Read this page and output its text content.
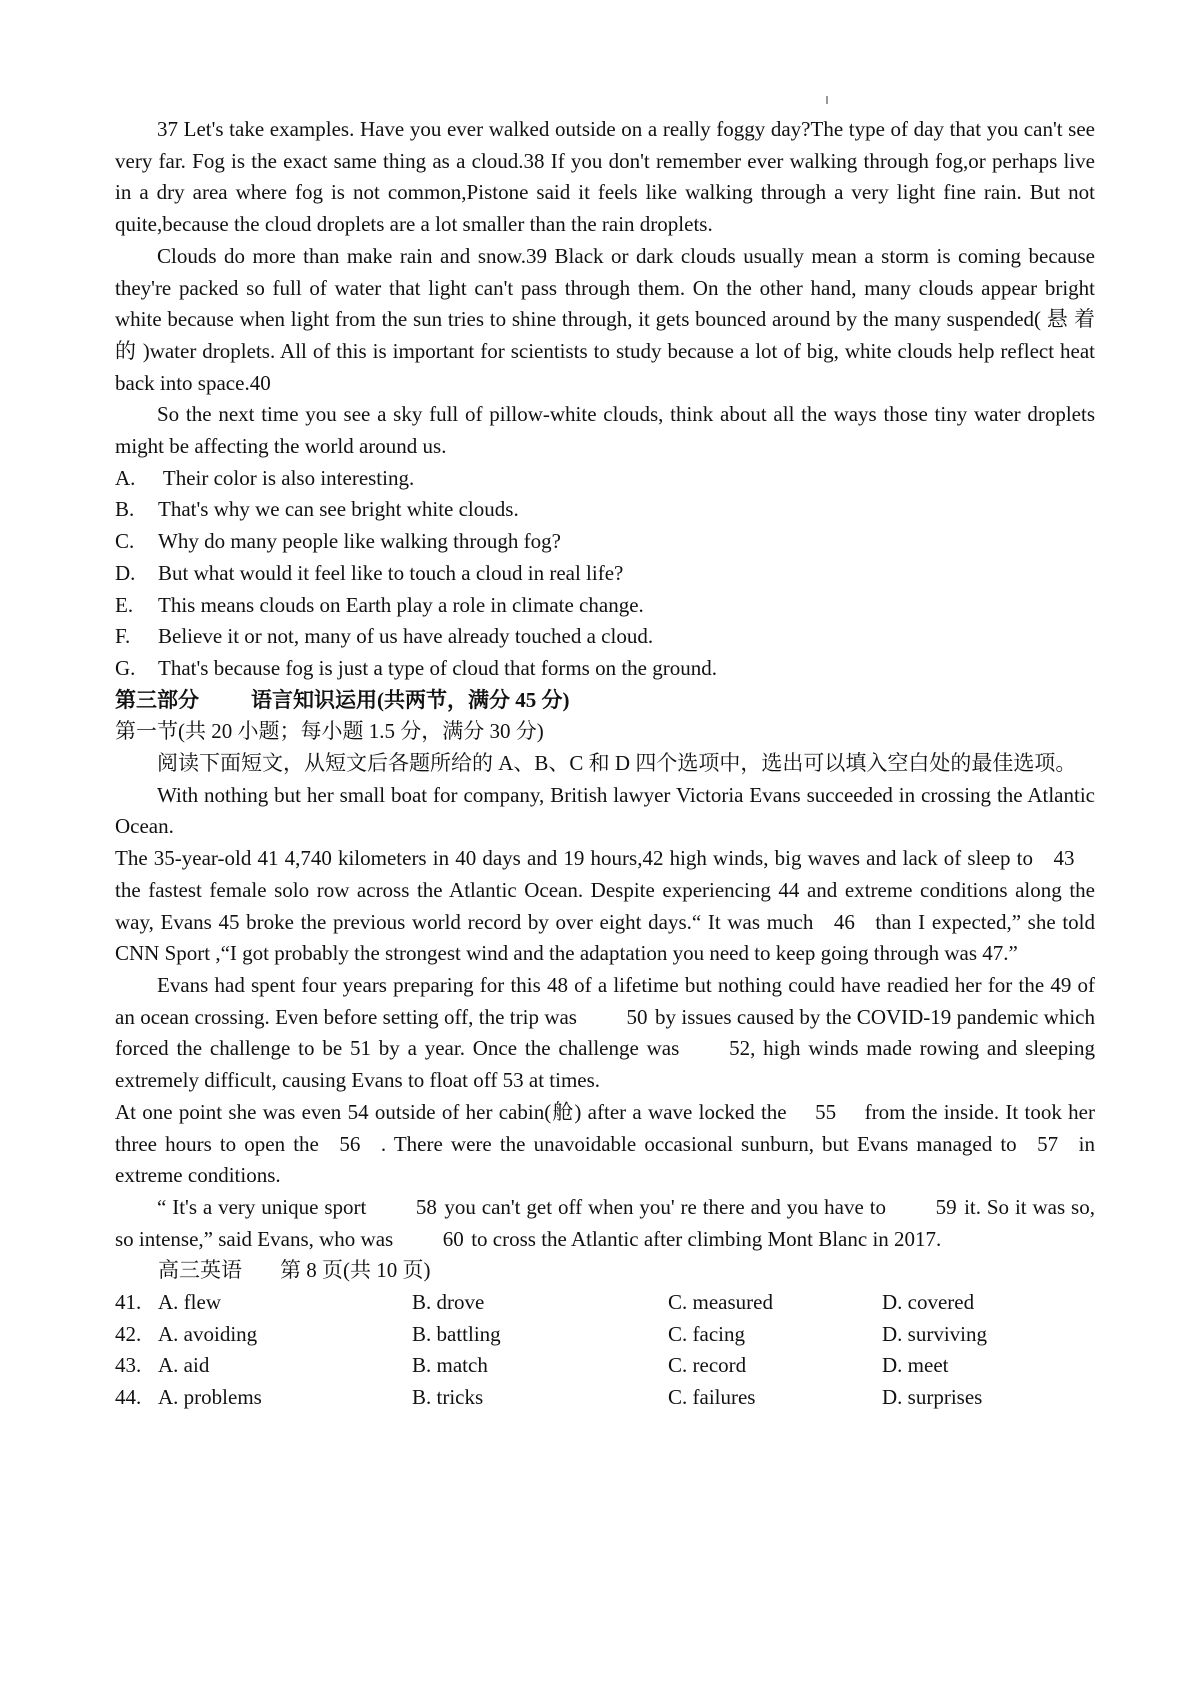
37 Let's take examples. Have you ever walked outside on a really foggy day?The type of day that you can't see very far. Fog is the exact same thing as a cloud.38 If you don't remember ever walking through fog,or perhaps live in a dry area where fog is not common,Pistone said it feels like walking through a very light fine rain. But not quite,because the cloud droplets are a lot smaller than the rain droplets.

Clouds do more than make rain and snow.39 Black or dark clouds usually mean a storm is coming because they're packed so full of water that light can't pass through them. On the other hand, many clouds appear bright white because when light from the sun tries to shine through, it gets bounced around by the many suspended( 悬 着 的 )water droplets. All of this is important for scientists to study because a lot of big, white clouds help reflect heat back into space.40

So the next time you see a sky full of pillow-white clouds, think about all the ways those tiny water droplets might be affecting the world around us.

A.	Their color is also interesting.
B.	That's why we can see bright white clouds.
C.	Why do many people like walking through fog?
D.	But what would it feel like to touch a cloud in real life?
E.	This means clouds on Earth play a role in climate change.
F.	Believe it or not, many of us have already touched a cloud.
G.	That's because fog is just a type of cloud that forms on the ground.

第三部分 语言知识运用(共两节，满分 45 分)

第一节(共 20 小题；每小题 1.5 分，满分 30 分)

阅读下面短文，从短文后各题所给的 A、B、C 和 D 四个选项中，选出可以填入空白处的最佳选项。

With nothing but her small boat for company, British lawyer Victoria Evans succeeded in crossing the Atlantic Ocean.

The 35-year-old 41 4,740 kilometers in 40 days and 19 hours,42 high winds, big waves and lack of sleep to 43the fastest female solo row across the Atlantic Ocean. Despite experiencing 44 and extreme conditions along the way, Evans 45 broke the previous world record by over eight days.“ It was much 46 than I expected,” she told CNN Sport ,“I got probably the strongest wind and the adaptation you need to keep going through was 47.”

Evans had spent four years preparing for this 48 of a lifetime but nothing could have readied her for the 49 of an ocean crossing. Even before setting off, the trip was 50 by issues caused by the COVID-19 pandemic which forced the challenge to be 51 by a year. Once the challenge was 52, high winds made rowing and sleeping extremely difficult, causing Evans to float off 53 at times.

At one point she was even 54 outside of her cabin(舱) after a wave locked the 55 from the inside. It took her three hours to open the 56 . There were the unavoidable occasional sunburn, but Evans managed to 57 in extreme conditions.

“ It's a very unique sport 58 you can't get off when you' re there and you have to 59 it. So it was so, so intense,” said Evans, who was 60 to cross the Atlantic after climbing Mont Blanc in 2017.

高三英语 第 8 页(共 10 页)

41. A. flew	B. drove	C. measured	D. covered
42. A. avoiding	B. battling	C. facing	D. surviving
43. A. aid	B. match	C. record	D. meet
44. A. problems	B. tricks	C. failures	D. surprises
